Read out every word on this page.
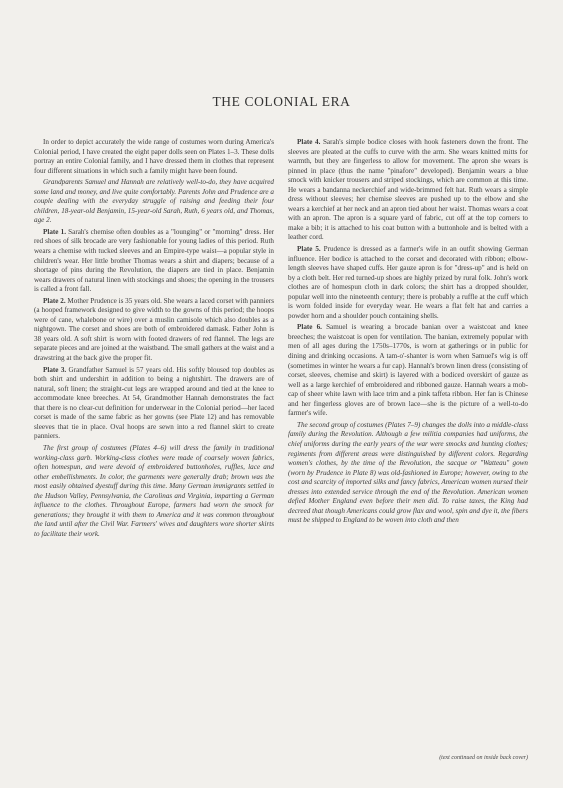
THE COLONIAL ERA

In order to depict accurately the wide range of costumes worn during America's Colonial period, I have created the eight paper dolls seen on Plates 1–3. These dolls portray an entire Colonial family, and I have dressed them in clothes that represent four different situations in which such a family might have been found.

Grandparents Samuel and Hannah are relatively well-to-do, they have acquired some land and money, and live quite comfortably. Parents John and Prudence are a couple dealing with the everyday struggle of raising and feeding their four children, 18-year-old Benjamin, 15-year-old Sarah, Ruth, 6 years old, and Thomas, age 2.

Plate 1. Sarah's chemise often doubles as a "lounging" or "morning" dress. Her red shoes of silk brocade are very fashionable for young ladies of this period. Ruth wears a chemise with tucked sleeves and an Empire-type waist—a popular style in children's wear. Her little brother Thomas wears a shirt and diapers; because of a shortage of pins during the Revolution, the diapers are tied in place. Benjamin wears drawers of natural linen with stockings and shoes; the opening in the trousers is called a front fall.

Plate 2. Mother Prudence is 35 years old. She wears a laced corset with panniers (a hooped framework designed to give width to the gowns of this period; the hoops were of cane, whalebone or wire) over a muslin camisole which also doubles as a nightgown. The corset and shoes are both of embroidered damask. Father John is 38 years old. A soft shirt is worn with footed drawers of red flannel. The legs are separate pieces and are joined at the waistband. The small gathers at the waist and a drawstring at the back give the proper fit.

Plate 3. Grandfather Samuel is 57 years old. His softly bloused top doubles as both shirt and undershirt in addition to being a nightshirt. The drawers are of natural, soft linen; the straight-cut legs are wrapped around and tied at the knee to accommodate knee breeches. At 54, Grandmother Hannah demonstrates the fact that there is no clear-cut definition for underwear in the Colonial period—her laced corset is made of the same fabric as her gowns (see Plate 12) and has removable sleeves that tie in place. Oval hoops are sewn into a red flannel skirt to create panniers.

The first group of costumes (Plates 4–6) will dress the family in traditional working-class garb. Working-class clothes were made of coarsely woven fabrics, often homespun, and were devoid of embroidered buttonholes, ruffles, lace and other embellishments. In color, the garments were generally drab; brown was the most easily obtained dyestuff during this time. Many German immigrants settled in the Hudson Valley, Pennsylvania, the Carolinas and Virginia, imparting a German influence to the clothes. Throughout Europe, farmers had worn the smock for generations; they brought it with them to America and it was common throughout the land until after the Civil War. Farmers' wives and daughters wore shorter skirts to facilitate their work.

Plate 4. Sarah's simple bodice closes with hook fasteners down the front. The sleeves are pleated at the cuffs to curve with the arm. She wears knitted mitts for warmth, but they are fingerless to allow for movement. The apron she wears is pinned in place (thus the name "pinafore" developed). Benjamin wears a blue smock with knicker trousers and striped stockings, which are common at this time. He wears a bandanna neckerchief and wide-brimmed felt hat. Ruth wears a simple dress without sleeves; her chemise sleeves are pushed up to the elbow and she wears a kerchief at her neck and an apron tied about her waist. Thomas wears a coat with an apron. The apron is a square yard of fabric, cut off at the top corners to make a bib; it is attached to his coat button with a buttonhole and is belted with a leather cord.

Plate 5. Prudence is dressed as a farmer's wife in an outfit showing German influence. Her bodice is attached to the corset and decorated with ribbon; elbow-length sleeves have shaped cuffs. Her gauze apron is for "dress-up" and is held on by a cloth belt. Her red turned-up shoes are highly prized by rural folk. John's work clothes are of homespun cloth in dark colors; the shirt has a dropped shoulder, popular well into the nineteenth century; there is probably a ruffle at the cuff which is worn folded inside for everyday wear. He wears a flat felt hat and carries a powder horn and a shoulder pouch containing shells.

Plate 6. Samuel is wearing a brocade banian over a waistcoat and knee breeches; the waistcoat is open for ventilation. The banian, extremely popular with men of all ages during the 1750s–1770s, is worn at gatherings or in public for dining and drinking occasions. A tam-o'-shanter is worn when Samuel's wig is off (sometimes in winter he wears a fur cap). Hannah's brown linen dress (consisting of corset, sleeves, chemise and skirt) is layered with a bodiced overskirt of gauze as well as a large kerchief of embroidered and ribboned gauze. Hannah wears a mob-cap of sheer white lawn with lace trim and a pink taffeta ribbon. Her fan is Chinese and her fingerless gloves are of brown lace—she is the picture of a well-to-do farmer's wife.

The second group of costumes (Plates 7–9) changes the dolls into a middle-class family during the Revolution. Although a few militia companies had uniforms, the chief uniforms during the early years of the war were smocks and hunting clothes; regiments from different areas were distinguished by different colors. Regarding women's clothes, by the time of the Revolution, the sacque or "Watteau" gown (worn by Prudence in Plate 8) was old-fashioned in Europe; however, owing to the cost and scarcity of imported silks and fancy fabrics, American women nursed their dresses into extended service through the end of the Revolution. American women defied Mother England even before their men did. To raise taxes, the King had decreed that though Americans could grow flax and wool, spin and dye it, the fibers must be shipped to England to be woven into cloth and then

(text continued on inside back cover)
